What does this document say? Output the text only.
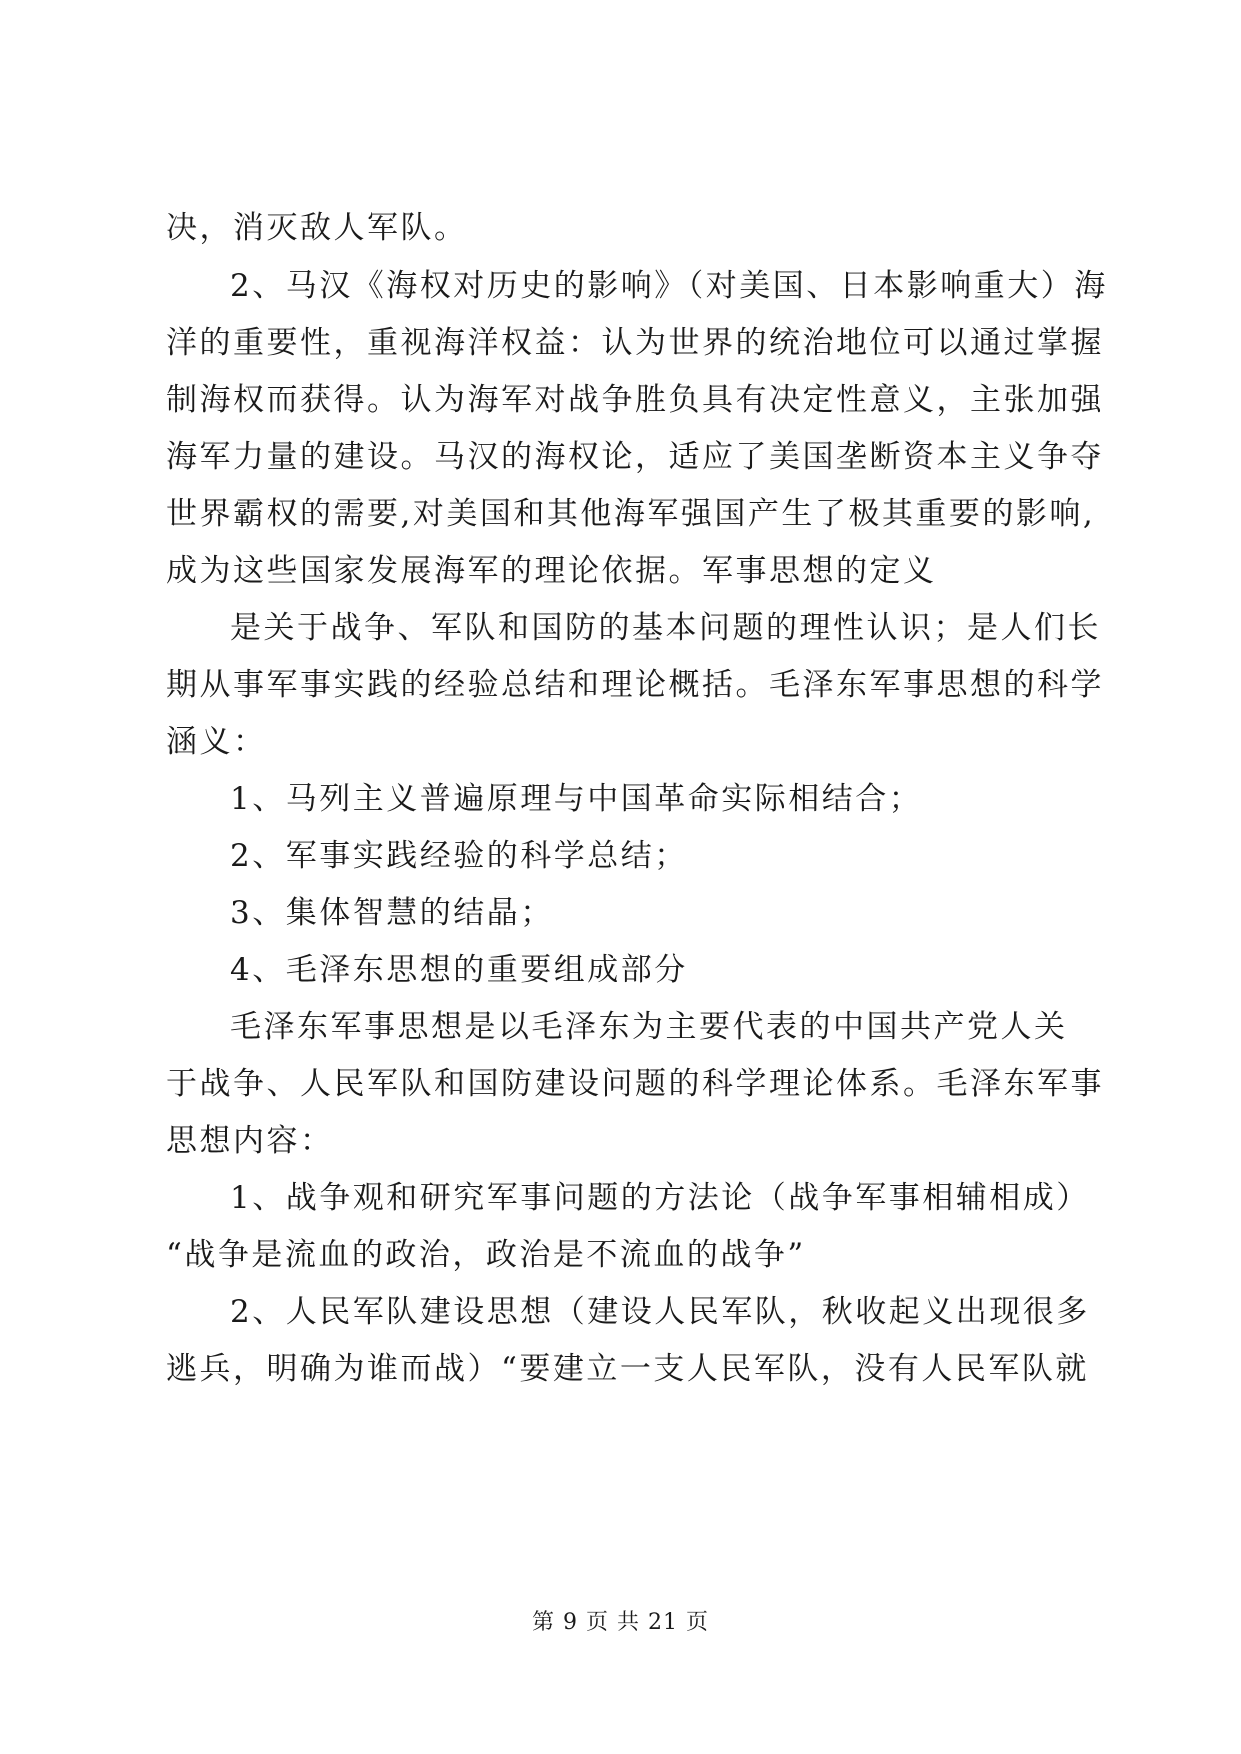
决，消灭敌人军队。
2、马汉《海权对历史的影响》（对美国、日本影响重大）海
洋的重要性，重视海洋权益：认为世界的统治地位可以通过掌握
制海权而获得。认为海军对战争胜负具有决定性意义，主张加强
海军力量的建设。马汉的海权论，适应了美国垄断资本主义争夺
世界霸权的需要,对美国和其他海军强国产生了极其重要的影响,
成为这些国家发展海军的理论依据。军事思想的定义
是关于战争、军队和国防的基本问题的理性认识；是人们长
期从事军事实践的经验总结和理论概括。毛泽东军事思想的科学
涵义：
1、马列主义普遍原理与中国革命实际相结合；
2、军事实践经验的科学总结；
3、集体智慧的结晶；
4、毛泽东思想的重要组成部分
毛泽东军事思想是以毛泽东为主要代表的中国共产党人关
于战争、人民军队和国防建设问题的科学理论体系。毛泽东军事
思想内容：
1、战争观和研究军事问题的方法论（战争军事相辅相成）
“战争是流血的政治，政治是不流血的战争”
2、人民军队建设思想（建设人民军队，秋收起义出现很多
逃兵，明确为谁而战）“要建立一支人民军队，没有人民军队就
第 9 页 共 21 页
